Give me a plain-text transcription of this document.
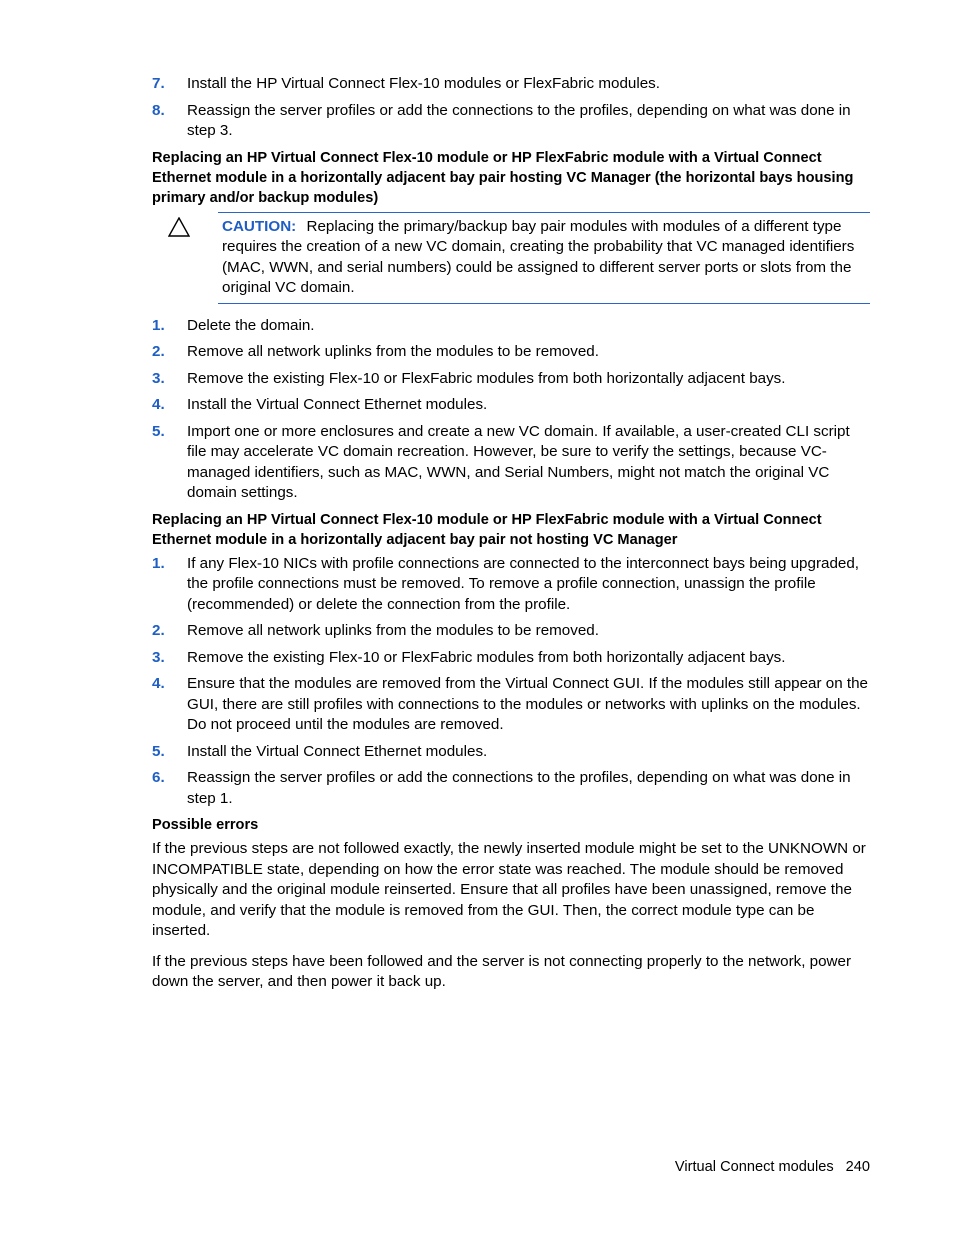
7. Install the HP Virtual Connect Flex-10 modules or FlexFabric modules.
8. Reassign the server profiles or add the connections to the profiles, depending on what was done in step 3.
Replacing an HP Virtual Connect Flex-10 module or HP FlexFabric module with a Virtual Connect Ethernet module in a horizontally adjacent bay pair hosting VC Manager (the horizontal bays housing primary and/or backup modules)
CAUTION: Replacing the primary/backup bay pair modules with modules of a different type requires the creation of a new VC domain, creating the probability that VC managed identifiers (MAC, WWN, and serial numbers) could be assigned to different server ports or slots from the original VC domain.
1. Delete the domain.
2. Remove all network uplinks from the modules to be removed.
3. Remove the existing Flex-10 or FlexFabric modules from both horizontally adjacent bays.
4. Install the Virtual Connect Ethernet modules.
5. Import one or more enclosures and create a new VC domain. If available, a user-created CLI script file may accelerate VC domain recreation. However, be sure to verify the settings, because VC-managed identifiers, such as MAC, WWN, and Serial Numbers, might not match the original VC domain settings.
Replacing an HP Virtual Connect Flex-10 module or HP FlexFabric module with a Virtual Connect Ethernet module in a horizontally adjacent bay pair not hosting VC Manager
1. If any Flex-10 NICs with profile connections are connected to the interconnect bays being upgraded, the profile connections must be removed. To remove a profile connection, unassign the profile (recommended) or delete the connection from the profile.
2. Remove all network uplinks from the modules to be removed.
3. Remove the existing Flex-10 or FlexFabric modules from both horizontally adjacent bays.
4. Ensure that the modules are removed from the Virtual Connect GUI. If the modules still appear on the GUI, there are still profiles with connections to the modules or networks with uplinks on the modules. Do not proceed until the modules are removed.
5. Install the Virtual Connect Ethernet modules.
6. Reassign the server profiles or add the connections to the profiles, depending on what was done in step 1.
Possible errors

If the previous steps are not followed exactly, the newly inserted module might be set to the UNKNOWN or INCOMPATIBLE state, depending on how the error state was reached. The module should be removed physically and the original module reinserted. Ensure that all profiles have been unassigned, remove the module, and verify that the module is removed from the GUI. Then, the correct module type can be inserted.

If the previous steps have been followed and the server is not connecting properly to the network, power down the server, and then power it back up.

Virtual Connect modules 240
